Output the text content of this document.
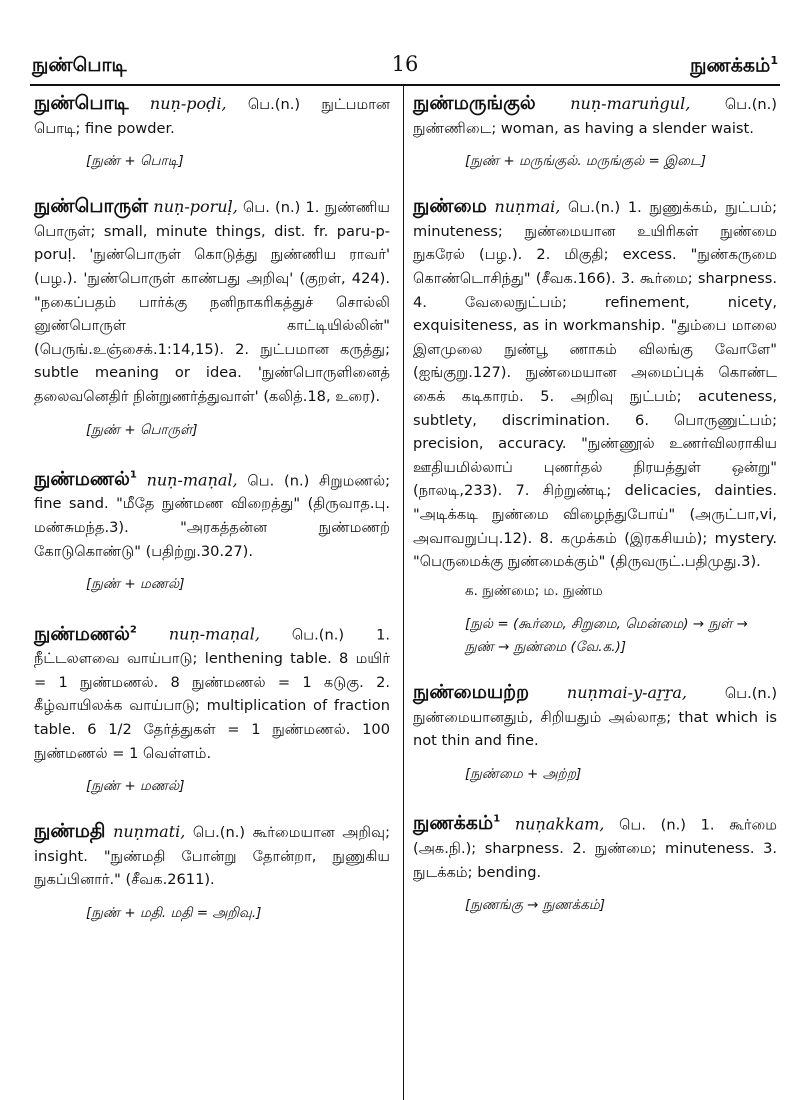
நுண்பொடி	16	நுணக்கம்$^1$

நுண்பொடி nuṇ-poḍi, பெ.(n.) நுட்பமான பொடி; fine powder.

[நுண் + பொடி]

நுண்பொருள் nuṇ-poruḷ, பெ. (n.) 1. நுண்ணிய பொருள்; small, minute things, dist. fr. paru-p-poruḷ. 'நுண்பொருள் கொடுத்து நுண்ணிய ராவர்' (பழ.). 'நுண்பொருள் காண்பது அறிவு' (குறள், 424). "நகைப்பதம் பார்க்கு நனிநாகரிகத்துச் சொல்லி னுண்பொருள் காட்டியில்லின்" (பெருங்.உஞ்சைக்.1:14,15). 2. நுட்பமான கருத்து; subtle meaning or idea. 'நுண்பொருளினைத் தலைவனெதிர் நின்றுணர்த்துவாள்' (கலித்.18, உரை).

[நுண் + பொருள்]

நுண்மணல்$^1$ nuṇ-maṇal, பெ. (n.) சிறுமணல்; fine sand. "மீதே நுண்மண விறைத்து" (திருவாத.பு. மண்சுமந்த.3). "அரகத்தன்ன நுண்மணற் கோடுகொண்டு" (பதிற்று.30.27).

[நுண் + மணல்]

நுண்மணல்$^2$ nuṇ-maṇal, பெ.(n.) 1. நீட்டலளவை வாய்பாடு; lenthening table. 8 மயிர் = 1 நுண்மணல். 8 நுண்மணல் = 1 கடுகு. 2. கீழ்வாயிலக்க வாய்பாடு; multiplication of fraction table. 6 1/2 தேர்த்துகள் = 1 நுண்மணல். 100 நுண்மணல் = 1 வெள்ளம்.

[நுண் + மணல்]

நுண்மதி nuṇmati, பெ.(n.) கூர்மையான அறிவு; insight. "நுண்மதி போன்று தோன்றா, நுணுகிய நுகப்பினார்." (சீவக.2611).

[நுண் + மதி. மதி = அறிவு.]

நுண்மருங்குல் nuṇ-maruṅgul, பெ.(n.) நுண்ணிடை; woman, as having a slender waist.

[நுண் + மருங்குல். மருங்குல் = இடை]

நுண்மை nuṇmai, பெ.(n.) 1. நுணுக்கம், நுட்பம்; minuteness; நுண்மையான உயிரிகள் நுண்மை நுகரேல் (பழ.). 2. மிகுதி; excess. "நுண்கருமை கொண்டொசிந்து" (சீவக.166). 3. கூர்மை; sharpness. 4. வேலைநுட்பம்; refinement, nicety, exquisiteness, as in workmanship. "தும்பை மாலை இளமுலை நுண்பூ ணாகம் விலங்கு வோளே" (ஐங்குறு.127). நுண்மையான அமைப்புக் கொண்ட கைக் கடிகாரம். 5. அறிவு நுட்பம்; acuteness, subtlety, discrimination. 6. பொருணுட்பம்; precision, accuracy. "நுண்ணூல் உணர்விலராகிய ஊதியமில்லாப் புணர்தல் நிரயத்துள் ஒன்று" (நாலடி,233). 7. சிற்றுண்டி; delicacies, dainties. "அடிக்கடி நுண்மை விழைந்துபோய்" (அருட்பா,vi, அவாவறுப்பு.12). 8. கமுக்கம் (இரகசியம்); mystery. "பெருமைக்கு நுண்மைக்கும்" (திருவருட்.பதிமுது.3).

க. நுண்மை; ம. நுண்ம

[நுல் = (கூர்மை, சிறுமை, மென்மை) → நுள் → நுண் → நுண்மை (வே.க.)]

நுண்மையற்ற nuṇmai-y-aṟṟa,	பெ.(n.) நுண்மையானதும், சிறியதும் அல்லாத; that which is not thin and fine.

[நுண்மை + அற்ற]

நுணக்கம்$^1$ nuṇakkam, பெ. (n.) 1. கூர்மை (அக.நி.); sharpness. 2. நுண்மை; minuteness. 3. நுடக்கம்; bending.

[நுணங்கு → நுணக்கம்]
